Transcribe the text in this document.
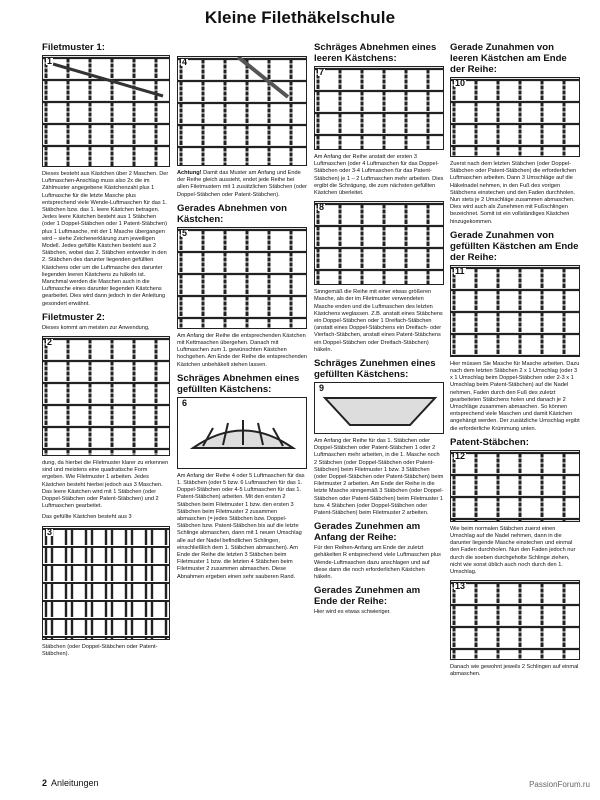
Kleine Filethäkelschule
Filetmuster 1:
1

Dieses besteht aus Kästchen über 2 Maschen. Der Luftmaschen-Anschlag muss also 2x die im Zählmuster angegebene Kästchenzahl plus 1 Luftmasche für die letzte Masche plus entsprechend viele Wende-Luftmaschen für das 1. Stäbchen bzw. das 1. leere Kästchen betragen. Jedes leere Kästchen besteht aus 1 Stäbchen (oder 1 Doppel-Stäbchen oder 1 Patent-Stäbchen) plus 1 Luftmasche, mit der 1 Masche übergangen wird – siehe Zeichenerklärung zum jeweiligen Modell. Jedes gefüllte Kästchen besteht aus 2 Stäbchen, wobei das 2. Stäbchen entweder in den 2. Stäbchen des darunter liegenden gefüllten Kästchens oder um die Luftmasche des darunter liegenden leeren Kästchens zu häkeln ist. Manchmal werden die Maschen auch in die Luftmasche eines darunter liegenden Kästchens gearbeitet. Dies wird dann jedoch in der Anleitung gesondert erwähnt.

Filetmuster 2:

Dieses kommt am meisten zur Anwendung,

2

dung, da hierbei die Filetmuster klarer zu erkennen sind und meistens eine quadratische Form ergeben. Wie Filetmuster 1 arbeiten. Jedes Kästchen besteht hierbei jedoch aus 3 Maschen. Das leere Kästchen wird mit 1 Stäbchen (oder Doppel-Stäbchen oder Patent-Stäbchen) und 2 Luftmaschen gearbeitet.

Das gefüllte Kästchen besteht aus 3

3

Stäbchen (oder Doppel-Stäbchen oder Patent-Stäbchen).

4

Achtung! Damit das Muster am Anfang und Ende der Reihe gleich aussieht, endet jede Reihe bei allen Filetmustern mit 1 zusätzlichen Stäbchen (oder Doppel-Stäbchen oder Patent-Stäbchen).

Gerades Abnehmen von Kästchen:
5

Am Anfang der Reihe die entsprechenden Kästchen mit Kettmaschen übergehen. Danach mit Luftmaschen zum 1. gewünschten Kästchen hochgehen. Am Ende der Reihe die entsprechenden Kästchen unbehäkelt stehen lassen.

Schräges Abnehmen eines gefüllten Kästchens:
6

Am Anfang der Reihe 4 oder 5 Luftmaschen für das 1. Stäbchen (oder 5 bzw. 6 Luftmaschen für das 1. Doppel-Stäbchen oder 4-5 Luftmaschen für das 1. Patent-Stäbchen) arbeiten. Mit den ersten 2 Stäbchen beim Filetmuster 1 bzw. den ersten 3 Stäbchen beim Filetmuster 2 zusammen abmaschen (= jedes Stäbchen bzw. Doppel-Stäbchen bzw. Patent-Stäbchen bis auf die letzte Schlinge abmaschen, dann mit 1 neuen Umschlag alle auf der Nadel befindlichen Schlingen, einschließlich dem 1. Stäbchen abmaschen). Am Ende der Reihe die letzten 3 Stäbchen beim Filetmuster 1 bzw. die letzten 4 Stäbchen beim Filetmuster 2 zusammen abmaschen. Diese Abnahmen ergeben einen sehr sauberen Rand.

Schräges Abnehmen eines leeren Kästchens:
7

Am Anfang der Reihe anstatt der ersten 3 Luftmaschen (oder 4 Luftmaschen für das Doppel-Stäbchen oder 3-4 Luftmaschen für das Patent-Stäbchen) je 1 – 2 Luftmaschen mehr arbeiten. Dies ergibt die Schrägung, die zum nächsten gefüllten Kästchen überleitet.

8

Sinngemäß die Reihe mit einer etwas größeren Masche, als der im Filetmuster verwendeten Masche enden und die Luftmaschen des letzten Kästchens weglassen. Z.B. anstatt eines Stäbchens ein Doppel-Stäbchen oder 1 Dreifach-Stäbchen (anstatt eines Doppel-Stäbchens ein Dreifach- oder Vierfach-Stäbchen, anstatt eines Patent-Stäbchens ein Doppel-Stäbchen oder Dreifach-Stäbchen) häkeln.

Schräges Zunehmen eines gefüllten Kästchens:
9

Am Anfang der Reihe für das 1. Stäbchen oder Doppel-Stäbchen oder Patent-Stäbchen 1 oder 2 Luftmaschen mehr arbeiten, in die 1. Masche noch 2 Stäbchen (oder Doppel-Stäbchen oder Patent-Stäbchen) beim Filetmuster 1 bzw. 3 Stäbchen (oder Doppel-Stäbchen oder Patent-Stäbchen) beim Filetmuster 2 arbeiten. Am Ende der Reihe in die letzte Masche sinngemäß 3 Stäbchen (oder Doppel-Stäbchen oder Patent-Stäbchen) beim Filetmuster 1 bzw. 4 Stäbchen (oder Doppel-Stäbchen oder Patent-Stäbchen) beim Filetmuster 2 arbeiten.

Gerades Zunehmen am Anfang der Reihe:

Für den Reihen-Anfang am Ende der zuletzt gehäkelten R entsprechend viele Luftmaschen plus Wende-Luftmaschen dazu anschlagen und auf diese dann die noch erforderlichen Kästchen häkeln.

Gerades Zunehmen am Ende der Reihe:

Hier wird es etwas schwieriger.

Gerade Zunahmen von leeren Kästchen am Ende der Reihe:
10

Zuerst nach dem letzten Stäbchen (oder Doppel-Stäbchen oder Patent-Stäbchen) die erforderlichen Luftmaschen arbeiten. Dann 3 Umschläge auf die Häkelnadel nehmen, in den Fuß des vorigen Stäbchens einstechen und den Faden durchholen. Nun stets je 2 Umschläge zusammen abmaschen. Dies wird auch als Zunehmen mit Fußschlingen bezeichnet. Somit ist ein vollständiges Kästchen hinzugekommen.

Gerade Zunahmen von gefüllten Kästchen am Ende der Reihe:
11

Hier müssen Sie Masche für Masche arbeiten. Dazu nach dem letzten Stäbchen 2 x 1 Umschlag (oder 3 x 1 Umschlag beim Doppel-Stäbchen oder 2-3 x 1 Umschlag beim Patent-Stäbchen) auf die Nadel nehmen, Faden durch den Fuß des zuletzt gearbeiteten Stäbchens holen und danach je 2 Umschläge zusammen abmaschen. So können entsprechend viele Maschen und damit Kästchen angehängt werden. Der zusätzliche Umschlag ergibt die erforderliche Krümmung unten.

Patent-Stäbchen:
12

Wie beim normalen Stäbchen zuerst einen Umschlag auf die Nadel nehmen, dann in die darunter liegende Masche einstechen und einmal den Faden durchholen. Nun den Faden jedoch nur durch die soeben durchgeholte Schlinge ziehen, nicht wie sonst üblich auch noch durch den 1. Umschlag.

13

Danach wie gewohnt jeweils 2 Schlingen auf einmal abmaschen.

2 Anleitungen	PassionForum.ru
